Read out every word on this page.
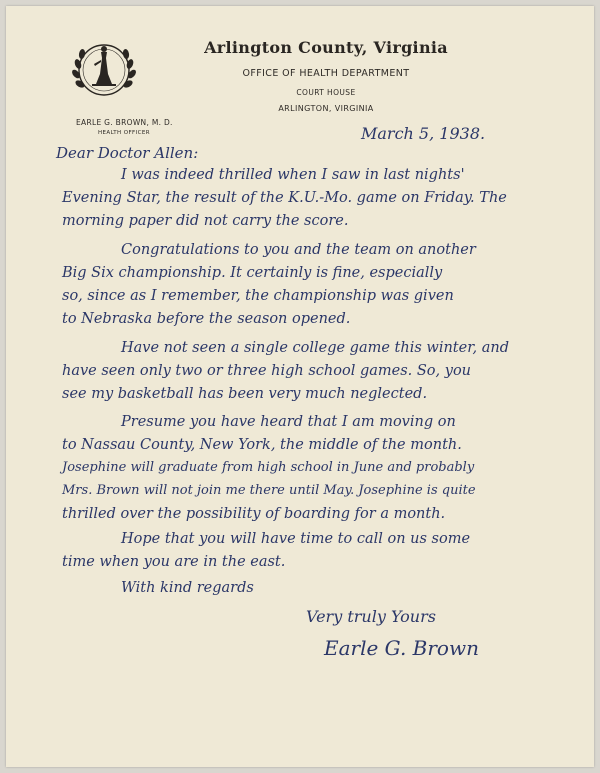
Arlington County, Virginia
OFFICE OF HEALTH DEPARTMENT
COURT HOUSE
ARLINGTON, VIRGINIA
EARLE G. BROWN, M. D.
HEALTH OFFICER	March 5, 1938.
Dear Doctor Allen:
I was indeed thrilled when I saw in last nights'
Evening Star, the result of the K.U.-Mo. game on Friday. The
morning paper did not carry the score.
Congratulations to you and the team on another
Big Six championship. It certainly is fine, especially
so, since as I remember, the championship was given
to Nebraska before the season opened.
Have not seen a single college game this winter, and
have seen only two or three high school games. So, you
see my basketball has been very much neglected.
Presume you have heard that I am moving on
to Nassau County, New York, the middle of the month.
Josephine will graduate from high school in June and probably
Mrs. Brown will not join me there until May. Josephine is quite
thrilled over the possibility of boarding for a month.
Hope that you will have time to call on us some
time when you are in the east.
With kind regards
Very truly Yours
Earle G. Brown
